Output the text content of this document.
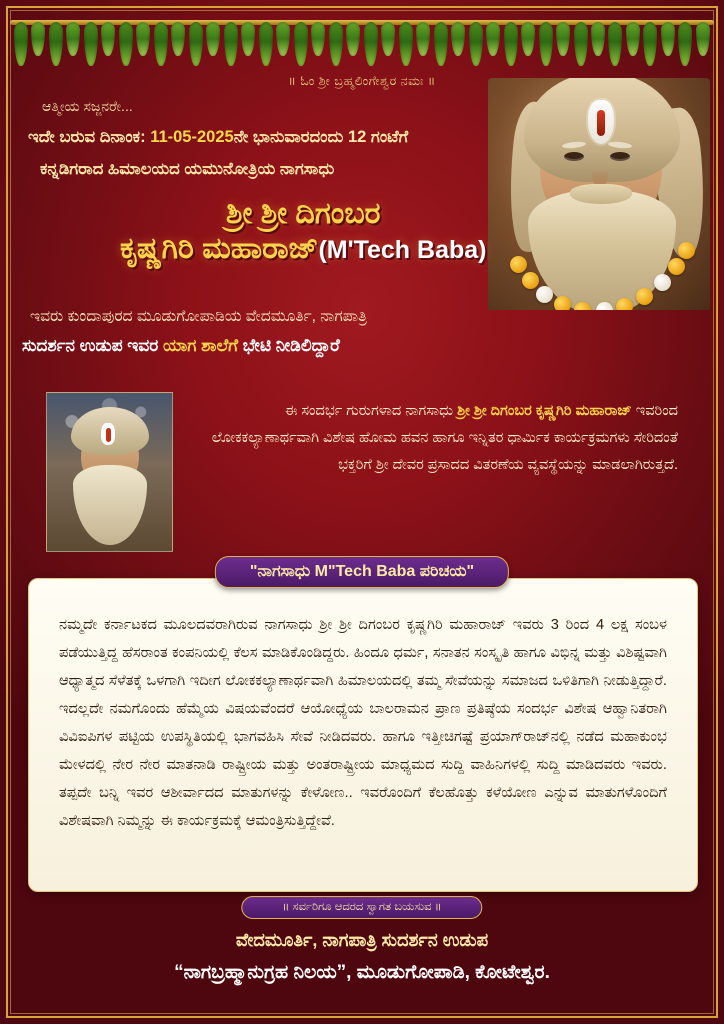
॥ ಓಂ ಶ್ರೀ ಬ್ರಹ್ಮಲಿಂಗೇಶ್ವರ ನಮಃ ॥
ಆತ್ಮೀಯ ಸಜ್ಜನರೇ...
ಇದೇ ಬರುವ ದಿನಾಂಕ: 11-05-2025ನೇ ಭಾನುವಾರದಂದು 12 ಗಂಟೆಗೆ
ಕನ್ನಡಿಗರಾದ ಹಿಮಾಲಯದ ಯಮುನೋತ್ರಿಯ ನಾಗಸಾಧು
ಶ್ರೀ ಶ್ರೀ ದಿಗಂಬರ
ಕೃಷ್ಣಗಿರಿ ಮಹಾರಾಜ್(M'Tech Baba)
ಇವರು ಕುಂದಾಪುರದ ಮೂಡುಗೋಪಾಡಿಯ ವೇದಮೂರ್ತಿ, ನಾಗಪಾತ್ರಿ
ಸುದರ್ಶನ ಉಡುಪ ಇವರ ಯಾಗ ಶಾಲೆಗೆ ಭೇಟಿ ನೀಡಿಲಿದ್ದಾರೆ
ಈ ಸಂದರ್ಭ ಗುರುಗಳಾದ ನಾಗಸಾಧು ಶ್ರೀ ಶ್ರೀ ದಿಗಂಬರ ಕೃಷ್ಣಗಿರಿ ಮಹಾರಾಜ್ ಇವರಿಂದ ಲೋಕಕಲ್ಯಾಣಾರ್ಥವಾಗಿ ವಿಶೇಷ ಹೋಮ ಹವನ ಹಾಗೂ ಇನ್ನಿತರ ಧಾರ್ಮಿಕ ಕಾರ್ಯಕ್ರಮಗಳು ಸೇರಿದಂತೆ ಭಕ್ತರಿಗೆ ಶ್ರೀ ದೇವರ ಪ್ರಸಾದದ ವಿತರಣೆಯ ವ್ಯವಸ್ಥೆಯನ್ನು ಮಾಡಲಾಗಿರುತ್ತದೆ.
"ನಾಗಸಾಧು M"Tech Baba ಪರಿಚಯ"
ನಮ್ಮದೇ ಕರ್ನಾಟಕದ ಮೂಲದವರಾಗಿರುವ ನಾಗಸಾಧು ಶ್ರೀ ಶ್ರೀ ದಿಗಂಬರ ಕೃಷ್ಣಗಿರಿ ಮಹಾರಾಜ್ ಇವರು 3 ರಿಂದ 4 ಲಕ್ಷ ಸಂಬಳ ಪಡೆಯುತ್ತಿದ್ದ ಹೆಸರಾಂತ ಕಂಪನಿಯಲ್ಲಿ ಕೆಲಸ ಮಾಡಿಕೊಂಡಿದ್ದರು. ಹಿಂದೂ ಧರ್ಮ, ಸನಾತನ ಸಂಸ್ಕೃತಿ ಹಾಗೂ ವಿಭಿನ್ನ ಮತ್ತು ವಿಶಿಷ್ಟವಾಗಿ ಆಧ್ಯಾತ್ಮದ ಸೆಳೆತಕ್ಕೆ ಒಳಗಾಗಿ ಇದೀಗ ಲೋಕಕಲ್ಯಾಣಾರ್ಥವಾಗಿ ಹಿಮಾಲಯದಲ್ಲಿ ತಮ್ಮ ಸೇವೆಯನ್ನು ಸಮಾಜದ ಒಳಿತಿಗಾಗಿ ನೀಡುತ್ತಿದ್ದಾರೆ. ಇದಲ್ಲದೇ ನಮಗೊಂದು ಹೆಮ್ಮೆಯ ವಿಷಯವೆಂದರೆ ಆಯೋಧ್ಯೆಯ ಬಾಲರಾಮನ ಪ್ರಾಣ ಪ್ರತಿಷ್ಠೆಯ ಸಂದರ್ಭ ವಿಶೇಷ ಆಹ್ವಾನಿತರಾಗಿ ವಿವಿಐಪಿಗಳ ಪಟ್ಟಿಯ ಉಪಸ್ಥಿತಿಯಲ್ಲಿ ಭಾಗವಹಿಸಿ ಸೇವೆ ನೀಡಿದವರು. ಹಾಗೂ ಇತ್ತೀಚಿಗಷ್ಟೆ ಪ್ರಯಾಗ್‌ರಾಜ್‌ನಲ್ಲಿ ನಡೆದ ಮಹಾಕುಂಭ ಮೇಳದಲ್ಲಿ ನೇರ ನೇರ ಮಾತನಾಡಿ ರಾಷ್ಟ್ರೀಯ ಮತ್ತು ಅಂತರಾಷ್ಟ್ರೀಯ ಮಾಧ್ಯಮದ ಸುದ್ದಿ ವಾಹಿನಿಗಳಲ್ಲಿ ಸುದ್ದಿ ಮಾಡಿದವರು ಇವರು. ತಪ್ಪದೇ ಬನ್ನಿ ಇವರ ಆಶೀರ್ವಾದದ ಮಾತುಗಳನ್ನು ಕೇಳೋಣ.. ಇವರೊಂದಿಗೆ ಕೆಲಹೊತ್ತು ಕಳೆಯೋಣ ಎನ್ನುವ ಮಾತುಗಳೊಂದಿಗೆ ವಿಶೇಷವಾಗಿ ನಿಮ್ಮನ್ನು ಈ ಕಾರ್ಯಕ್ರಮಕ್ಕೆ ಆಮಂತ್ರಿಸುತ್ತಿದ್ದೇವೆ.
॥ ಸರ್ವರಿಗೂ ಆದರದ ಸ್ವಾಗತ ಬಯಸುವ ॥
ವೇದಮೂರ್ತಿ, ನಾಗಪಾತ್ರಿ ಸುದರ್ಶನ ಉಡುಪ
“ನಾಗಬ್ರಹ್ಮಾನುಗ್ರಹ ನಿಲಯ”, ಮೂಡುಗೋಪಾಡಿ, ಕೋಟೇಶ್ವರ.
